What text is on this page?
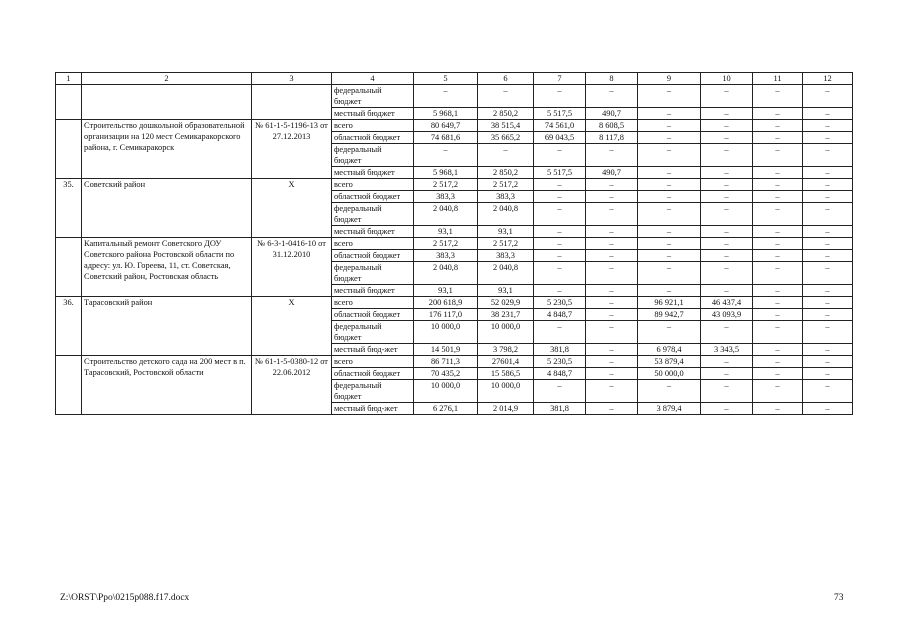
1	2	3	4	5	6	7	8	9	10	11	12
			федеральный бюджет	–	–	–	–	–	–	–	–
			местный бюджет	5 968,1	2 850,2	5 517,5	490,7	–	–	–	–
	Строительство дошкольной образовательной организации на 120 мест Семикаракорского района, г. Семикаракорск	№ 61-1-5-1196-13 от 27.12.2013	всего	80 649,7	38 515,4	74 561,0	8 608,5	–	–	–	–
			областной бюджет	74 681,6	35 665,2	69 043,5	8 117,8	–	–	–	–
			федеральный бюджет	–	–	–	–	–	–	–	–
			местный бюджет	5 968,1	2 850,2	5 517,5	490,7	–	–	–	–
35.	Советский район	Х	всего	2 517,2	2 517,2	–	–	–	–	–	–
			областной бюджет	383,3	383,3	–	–	–	–	–	–
			федеральный бюджет	2 040,8	2 040,8	–	–	–	–	–	–
			местный бюджет	93,1	93,1	–	–	–	–	–	–
	Капитальный ремонт Советского ДОУ Советского района Ростовской области по адресу: ул. Ю. Гореева, 11, ст. Советская, Советский район, Ростовская область	№ 6-3-1-0416-10 от 31.12.2010	всего	2 517,2	2 517,2	–	–	–	–	–	–
			областной бюджет	383,3	383,3	–	–	–	–	–	–
			федеральный бюджет	2 040,8	2 040,8	–	–	–	–	–	–
			местный бюджет	93,1	93,1	–	–	–	–	–	–
36.	Тарасовский район	Х	всего	200 618,9	52 029,9	5 230,5	–	96 921,1	46 437,4	–	–
			областной бюджет	176 117,0	38 231,7	4 848,7	–	89 942,7	43 093,9	–	–
			федеральный бюджет	10 000,0	10 000,0	–	–	–	–	–	–
			местный бюд-жет	14 501,9	3 798,2	381,8	–	6 978,4	3 343,5	–	–
	Строительство детского сада на 200 мест в п. Тарасовский, Ростовской области	№ 61-1-5-0380-12 от 22.06.2012	всего	86 711,3	27601,4	5 230,5	–	53 879,4	–	–	–
			областной бюджет	70 435,2	15 586,5	4 848,7	–	50 000,0	–	–	–
			федеральный бюджет	10 000,0	10 000,0	–	–	–	–	–	–
			местный бюд-жет	6 276,1	2 014,9	381,8	–	3 879,4	–	–	–
Z:\ORST\Ppo\0215p088.f17.docx	73
